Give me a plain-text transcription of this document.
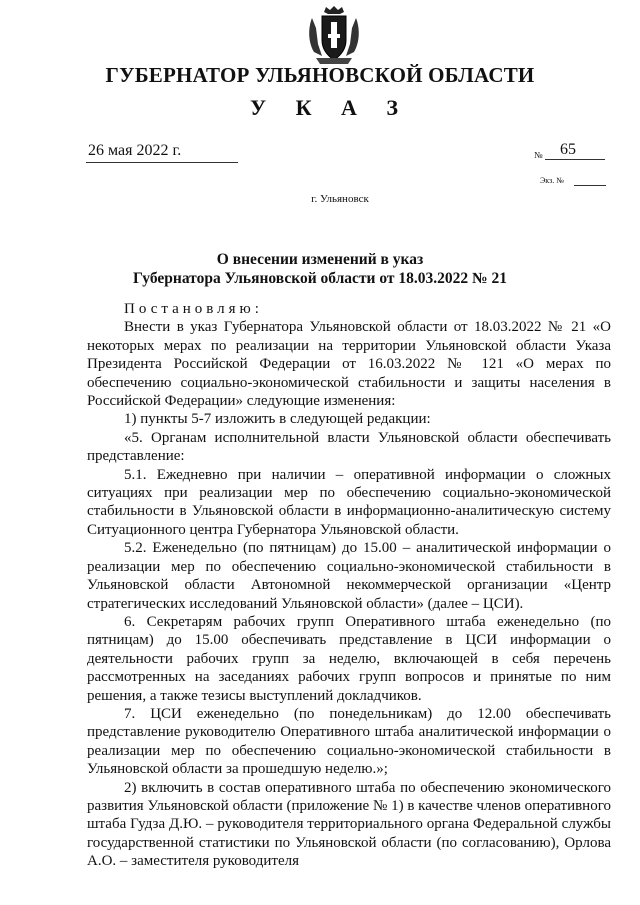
ГУБЕРНАТОР УЛЬЯНОВСКОЙ ОБЛАСТИ
У К А З
26 мая 2022 г.	№ 65
Экз. №
г. Ульяновск
О внесении изменений в указ
Губернатора Ульяновской области от 18.03.2022 № 21

Постановляю:

Внести в указ Губернатора Ульяновской области от 18.03.2022 № 21 «О некоторых мерах по реализации на территории Ульяновской области Указа Президента Российской Федерации от 16.03.2022 № 121 «О мерах по обеспечению социально-экономической стабильности и защиты населения в Российской Федерации» следующие изменения:

1) пункты 5-7 изложить в следующей редакции:

«5. Органам исполнительной власти Ульяновской области обеспечивать представление:

5.1. Ежедневно при наличии – оперативной информации о сложных ситуациях при реализации мер по обеспечению социально-экономической стабильности в Ульяновской области в информационно-аналитическую систему Ситуационного центра Губернатора Ульяновской области.

5.2. Еженедельно (по пятницам) до 15.00 – аналитической информации о реализации мер по обеспечению социально-экономической стабильности в Ульяновской области Автономной некоммерческой организации «Центр стратегических исследований Ульяновской области» (далее – ЦСИ).

6. Секретарям рабочих групп Оперативного штаба еженедельно (по пятницам) до 15.00 обеспечивать представление в ЦСИ информации о деятельности рабочих групп за неделю, включающей в себя перечень рассмотренных на заседаниях рабочих групп вопросов и принятые по ним решения, а также тезисы выступлений докладчиков.

7. ЦСИ еженедельно (по понедельникам) до 12.00 обеспечивать представление руководителю Оперативного штаба аналитической информации о реализации мер по обеспечению социально-экономической стабильности в Ульяновской области за прошедшую неделю.»;

2) включить в состав оперативного штаба по обеспечению экономического развития Ульяновской области (приложение № 1) в качестве членов оперативного штаба Гудза Д.Ю. – руководителя территориального органа Федеральной службы государственной статистики по Ульяновской области (по согласованию), Орлова А.О. – заместителя руководителя
